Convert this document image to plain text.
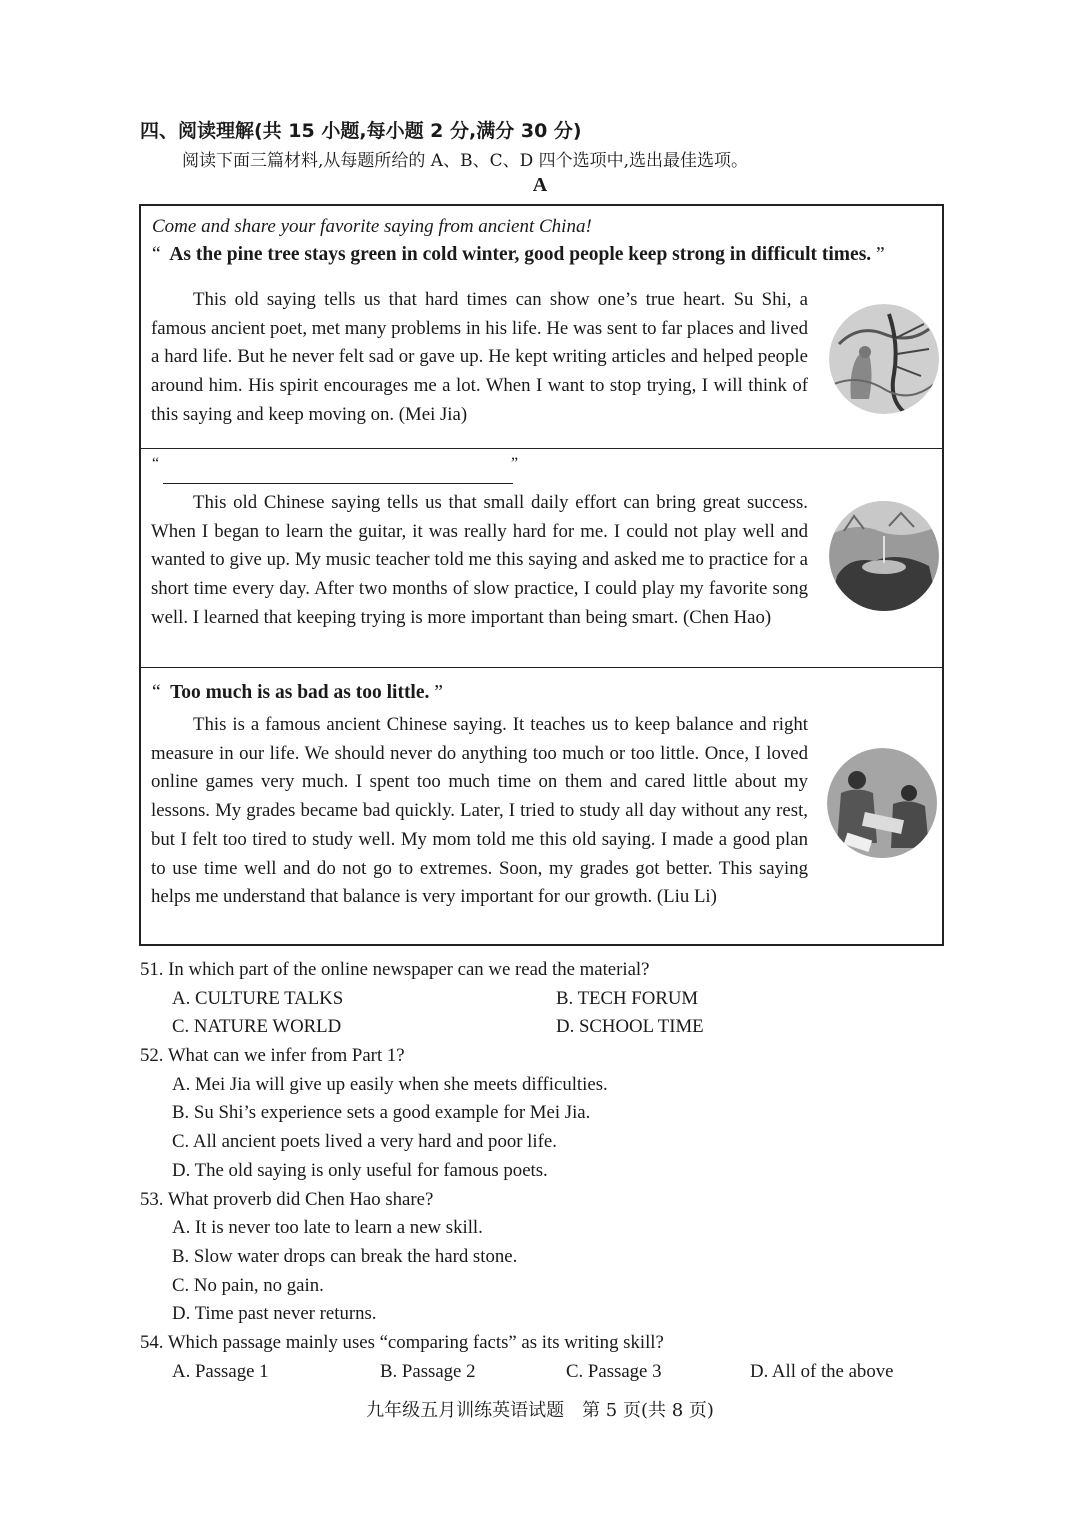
四、阅读理解(共 15 小题,每小题 2 分,满分 30 分)
阅读下面三篇材料,从每题所给的 A、B、C、D 四个选项中,选出最佳选项。
A
Come and share your favorite saying from ancient China!
“ As the pine tree stays green in cold winter, good people keep strong in difficult times. ”

This old saying tells us that hard times can show one’s true heart. Su Shi, a famous ancient poet, met many problems in his life. He was sent to far places and lived a hard life. But he never felt sad or gave up. He kept writing articles and helped people around him. His spirit encourages me a lot. When I want to stop trying, I will think of this saying and keep moving on. (Mei Jia)

“	”

This old Chinese saying tells us that small daily effort can bring great success. When I began to learn the guitar, it was really hard for me. I could not play well and wanted to give up. My music teacher told me this saying and asked me to practice for a short time every day. After two months of slow practice, I could play my favorite song well. I learned that keeping trying is more important than being smart. (Chen Hao)

“ Too much is as bad as too little. ”

This is a famous ancient Chinese saying. It teaches us to keep balance and right measure in our life. We should never do anything too much or too little. Once, I loved online games very much. I spent too much time on them and cared little about my lessons. My grades became bad quickly. Later, I tried to study all day without any rest, but I felt too tired to study well. My mom told me this old saying. I made a good plan to use time well and do not go to extremes. Soon, my grades got better. This saying helps me understand that balance is very important for our growth. (Liu Li)

51. In which part of the online newspaper can we read the material?
A. CULTURE TALKS	B. TECH FORUM
C. NATURE WORLD	D. SCHOOL TIME
52. What can we infer from Part 1?
A. Mei Jia will give up easily when she meets difficulties.
B. Su Shi’s experience sets a good example for Mei Jia.
C. All ancient poets lived a very hard and poor life.
D. The old saying is only useful for famous poets.
53. What proverb did Chen Hao share?
A. It is never too late to learn a new skill.
B. Slow water drops can break the hard stone.
C. No pain, no gain.
D. Time past never returns.
54. Which passage mainly uses “comparing facts” as its writing skill?
A. Passage 1	B. Passage 2	C. Passage 3	D. All of the above
九年级五月训练英语试题　第 5 页(共 8 页)
